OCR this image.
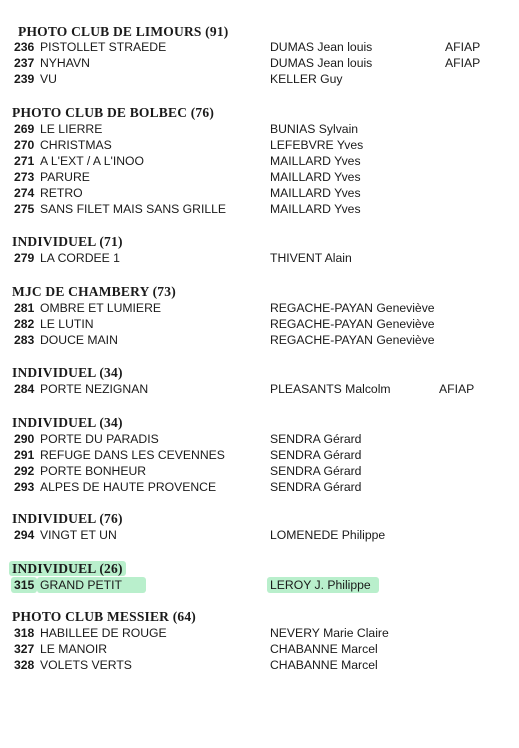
PHOTO CLUB DE LIMOURS (91)
236 PISTOLLET STRAEDE	DUMAS Jean louis	AFIAP
237 NYHAVN	DUMAS Jean louis	AFIAP
239 VU	KELLER Guy
PHOTO CLUB DE BOLBEC (76)
269 LE LIERRE	BUNIAS Sylvain
270 CHRISTMAS	LEFEBVRE Yves
271 A L'EXT / A L'INOO	MAILLARD Yves
273 PARURE	MAILLARD Yves
274 RETRO	MAILLARD Yves
275 SANS FILET MAIS SANS GRILLE	MAILLARD Yves
INDIVIDUEL (71)
279 LA CORDEE 1	THIVENT Alain
MJC DE CHAMBERY (73)
281 OMBRE ET LUMIERE	REGACHE-PAYAN Geneviève
282 LE LUTIN	REGACHE-PAYAN Geneviève
283 DOUCE MAIN	REGACHE-PAYAN Geneviève
INDIVIDUEL (34)
284 PORTE NEZIGNAN	PLEASANTS Malcolm	AFIAP
INDIVIDUEL (34)
290 PORTE DU PARADIS	SENDRA Gérard
291 REFUGE DANS LES CEVENNES	SENDRA Gérard
292 PORTE BONHEUR	SENDRA Gérard
293 ALPES DE HAUTE PROVENCE	SENDRA Gérard
INDIVIDUEL (76)
294 VINGT ET UN	LOMENEDE Philippe
INDIVIDUEL (26)
315 GRAND PETIT	LEROY J. Philippe
PHOTO CLUB MESSIER (64)
318 HABILLEE DE ROUGE	NEVERY Marie Claire
327 LE MANOIR	CHABANNE Marcel
328 VOLETS VERTS	CHABANNE Marcel
